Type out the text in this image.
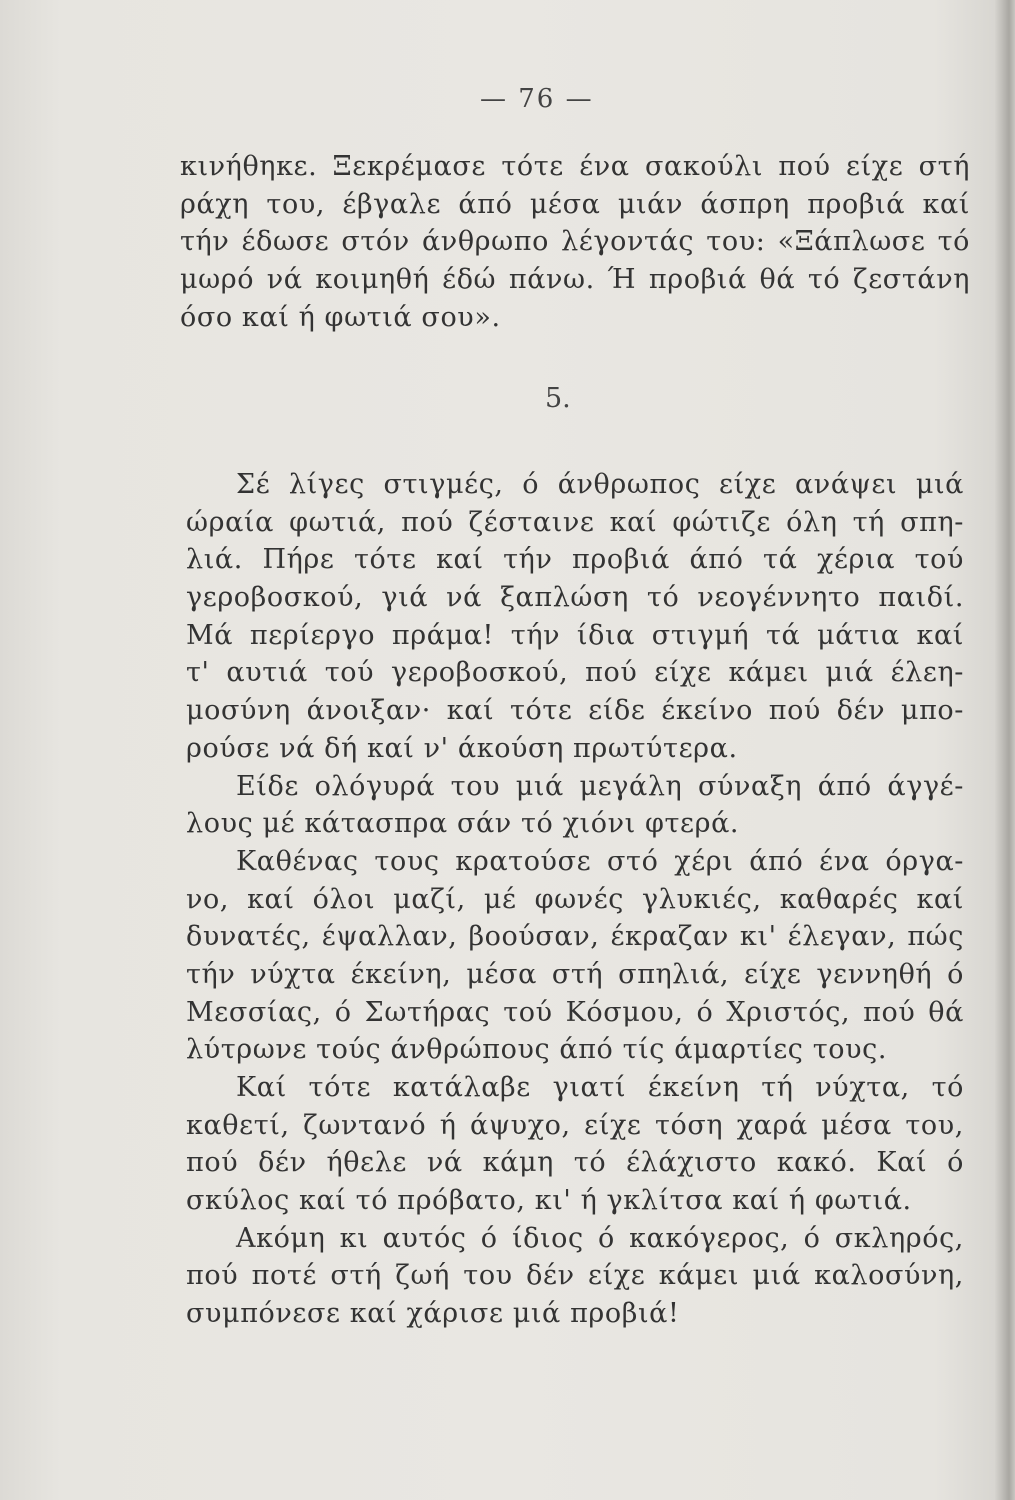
— 76 —
κινήθηκε. Ξεκρέμασε τότε ένα σακούλι πού είχε στή
ράχη του, έβγαλε άπό μέσα μιάν άσπρη προβιά καί
τήν έδωσε στόν άνθρωπο λέγοντάς του: «Ξάπλωσε τό
μωρό νά κοιμηθή έδώ πάνω. Ή προβιά θά τό ζεστάνη
όσο καί ή φωτιά σου».
5.
Σέ λίγες στιγμές, ό άνθρωπος είχε ανάψει μιά
ώραία φωτιά, πού ζέσταινε καί φώτιζε όλη τή σπη-
λιά. Πήρε τότε καί τήν προβιά άπό τά χέρια τού
γεροβοσκού, γιά νά ξαπλώση τό νεογέννητο παιδί.
Μά περίεργο πράμα! τήν ίδια στιγμή τά μάτια καί
τ' αυτιά τού γεροβοσκού, πού είχε κάμει μιά έλεη-
μοσύνη άνοιξαν· καί τότε είδε έκείνο πού δέν μπο-
ρούσε νά δή καί ν' άκούση πρωτύτερα.
Είδε ολόγυρά του μιά μεγάλη σύναξη άπό άγγέ-
λους μέ κάτασπρα σάν τό χιόνι φτερά.
Καθένας τους κρατούσε στό χέρι άπό ένα όργα-
νο, καί όλοι μαζί, μέ φωνές γλυκιές, καθαρές καί
δυνατές, έψαλλαν, βοούσαν, έκραζαν κι' έλεγαν, πώς
τήν νύχτα έκείνη, μέσα στή σπηλιά, είχε γεννηθή ό
Μεσσίας, ό Σωτήρας τού Κόσμου, ό Χριστός, πού θά
λύτρωνε τούς άνθρώπους άπό τίς άμαρτίες τους.
Καί τότε κατάλαβε γιατί έκείνη τή νύχτα, τό
καθετί, ζωντανό ή άψυχο, είχε τόση χαρά μέσα του,
πού δέν ήθελε νά κάμη τό έλάχιστο κακό. Καί ό
σκύλος καί τό πρόβατο, κι' ή γκλίτσα καί ή φωτιά.
Ακόμη κι αυτός ό ίδιος ό κακόγερος, ό σκληρός,
πού ποτέ στή ζωή του δέν είχε κάμει μιά καλοσύνη,
συμπόνεσε καί χάρισε μιά προβιά!
